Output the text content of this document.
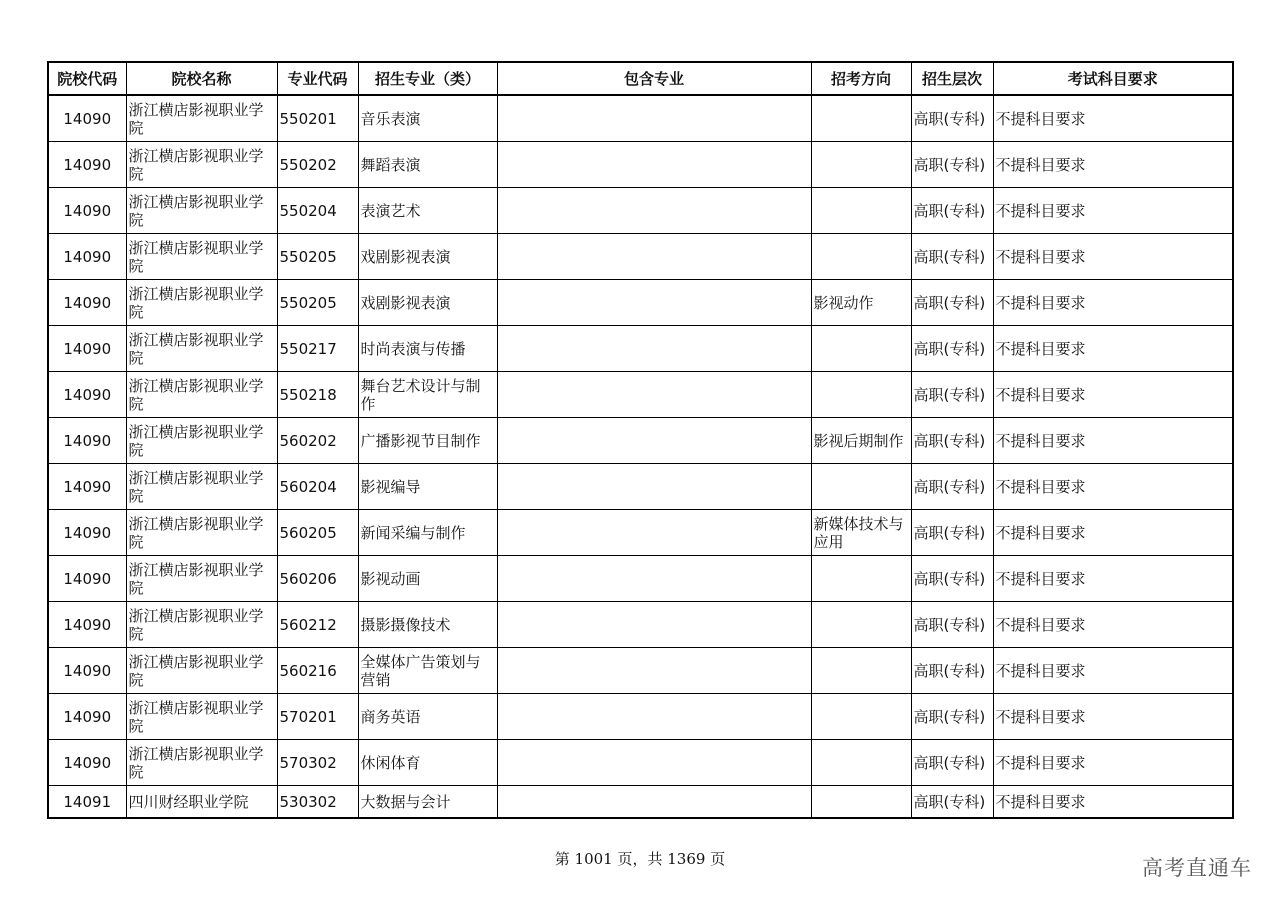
院校代码	院校名称	专业代码	招生专业（类）	包含专业	招考方向	招生层次	考试科目要求
14090	浙江横店影视职业学院	550201	音乐表演			高职(专科)	不提科目要求
14090	浙江横店影视职业学院	550202	舞蹈表演			高职(专科)	不提科目要求
14090	浙江横店影视职业学院	550204	表演艺术			高职(专科)	不提科目要求
14090	浙江横店影视职业学院	550205	戏剧影视表演			高职(专科)	不提科目要求
14090	浙江横店影视职业学院	550205	戏剧影视表演		影视动作	高职(专科)	不提科目要求
14090	浙江横店影视职业学院	550217	时尚表演与传播			高职(专科)	不提科目要求
14090	浙江横店影视职业学院	550218	舞台艺术设计与制作			高职(专科)	不提科目要求
14090	浙江横店影视职业学院	560202	广播影视节目制作		影视后期制作	高职(专科)	不提科目要求
14090	浙江横店影视职业学院	560204	影视编导			高职(专科)	不提科目要求
14090	浙江横店影视职业学院	560205	新闻采编与制作		新媒体技术与应用	高职(专科)	不提科目要求
14090	浙江横店影视职业学院	560206	影视动画			高职(专科)	不提科目要求
14090	浙江横店影视职业学院	560212	摄影摄像技术			高职(专科)	不提科目要求
14090	浙江横店影视职业学院	560216	全媒体广告策划与营销			高职(专科)	不提科目要求
14090	浙江横店影视职业学院	570201	商务英语			高职(专科)	不提科目要求
14090	浙江横店影视职业学院	570302	休闲体育			高职(专科)	不提科目要求
14091	四川财经职业学院	530302	大数据与会计			高职(专科)	不提科目要求
第 1001 页，共 1369 页	高考直通车
